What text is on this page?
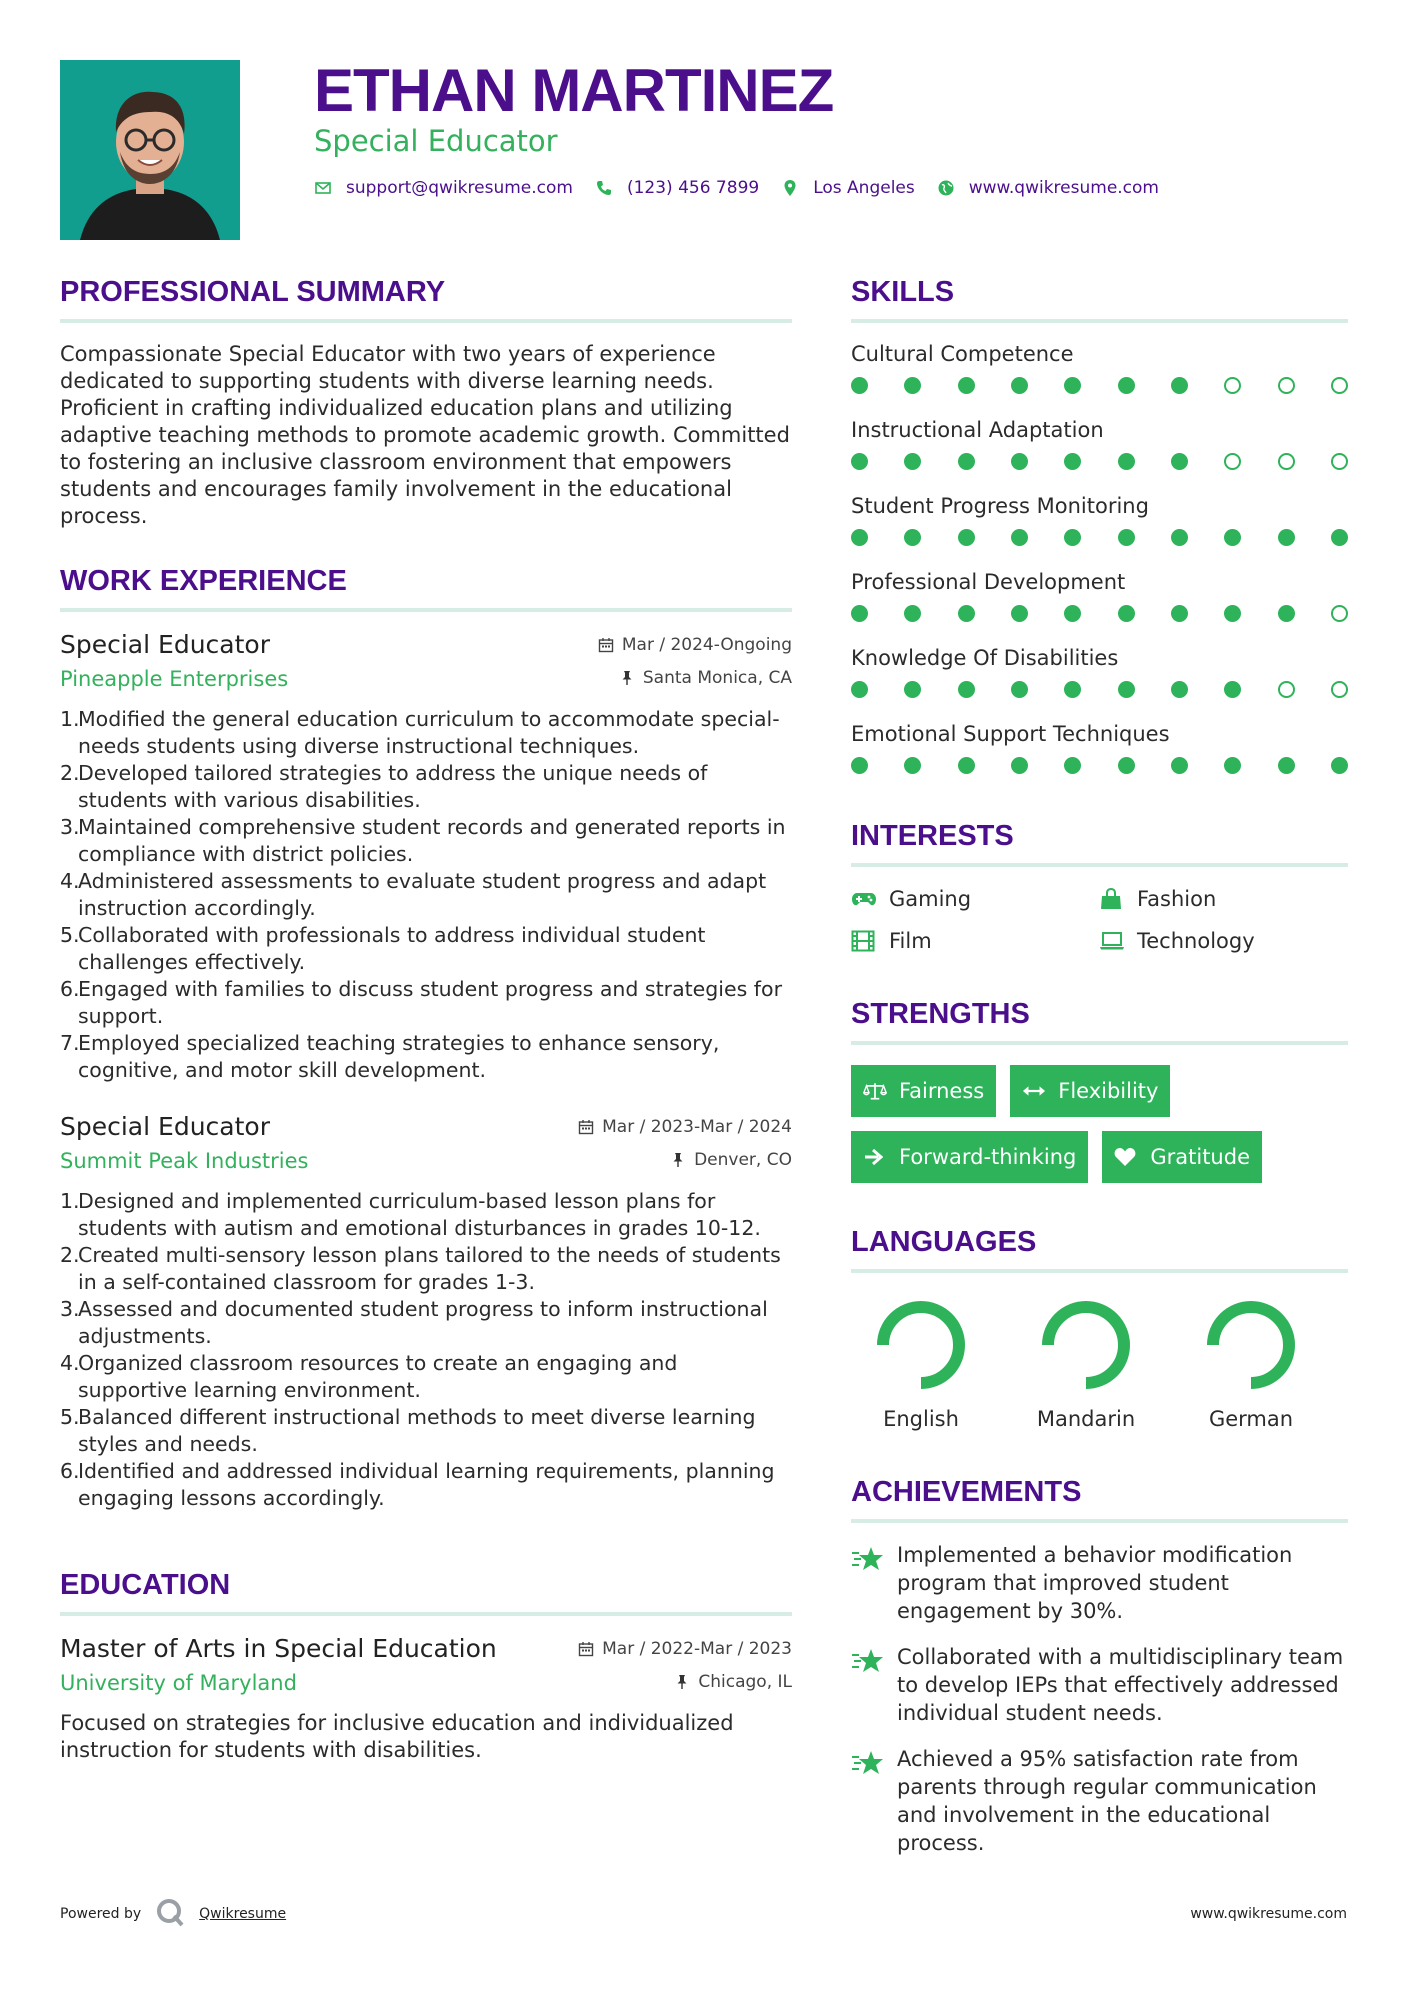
ETHAN MARTINEZ
Special Educator
support@qwikresume.com	(123) 456 7899	Los Angeles	www.qwikresume.com
PROFESSIONAL SUMMARY

Compassionate Special Educator with two years of experience dedicated to supporting students with diverse learning needs. Proficient in crafting individualized education plans and utilizing adaptive teaching methods to promote academic growth. Committed to fostering an inclusive classroom environment that empowers students and encourages family involvement in the educational process.

WORK EXPERIENCE
Special Educator	Mar / 2024-Ongoing
Pineapple Enterprises	Santa Monica, CA
1.
Modified the general education curriculum to accommodate special-needs students using diverse instructional techniques.
2.
Developed tailored strategies to address the unique needs of students with various disabilities.
3.
Maintained comprehensive student records and generated reports in compliance with district policies.
4.
Administered assessments to evaluate student progress and adapt instruction accordingly.
5.
Collaborated with professionals to address individual student challenges effectively.
6.
Engaged with families to discuss student progress and strategies for support.
7.
Employed specialized teaching strategies to enhance sensory, cognitive, and motor skill development.
Special Educator	Mar / 2023-Mar / 2024
Summit Peak Industries	Denver, CO
1.
Designed and implemented curriculum-based lesson plans for students with autism and emotional disturbances in grades 10-12.
2.
Created multi-sensory lesson plans tailored to the needs of students in a self-contained classroom for grades 1-3.
3.
Assessed and documented student progress to inform instructional adjustments.
4.
Organized classroom resources to create an engaging and supportive learning environment.
5.
Balanced different instructional methods to meet diverse learning styles and needs.
6.
Identified and addressed individual learning requirements, planning engaging lessons accordingly.
EDUCATION
Master of Arts in Special Education	Mar / 2022-Mar / 2023
University of Maryland	Chicago, IL

Focused on strategies for inclusive education and individualized instruction for students with disabilities.

SKILLS
Cultural Competence
Instructional Adaptation
Student Progress Monitoring
Professional Development
Knowledge Of Disabilities
Emotional Support Techniques
INTERESTS
Gaming	Fashion
Film	Technology
STRENGTHS
Fairness	Flexibility
Forward-thinking	Gratitude
LANGUAGES
English	Mandarin	German
ACHIEVEMENTS
Implemented a behavior modification program that improved student engagement by 30%.
Collaborated with a multidisciplinary team to develop IEPs that effectively addressed individual student needs.
Achieved a 95% satisfaction rate from parents through regular communication and involvement in the educational process.
Powered by	Qwikresume	www.qwikresume.com
